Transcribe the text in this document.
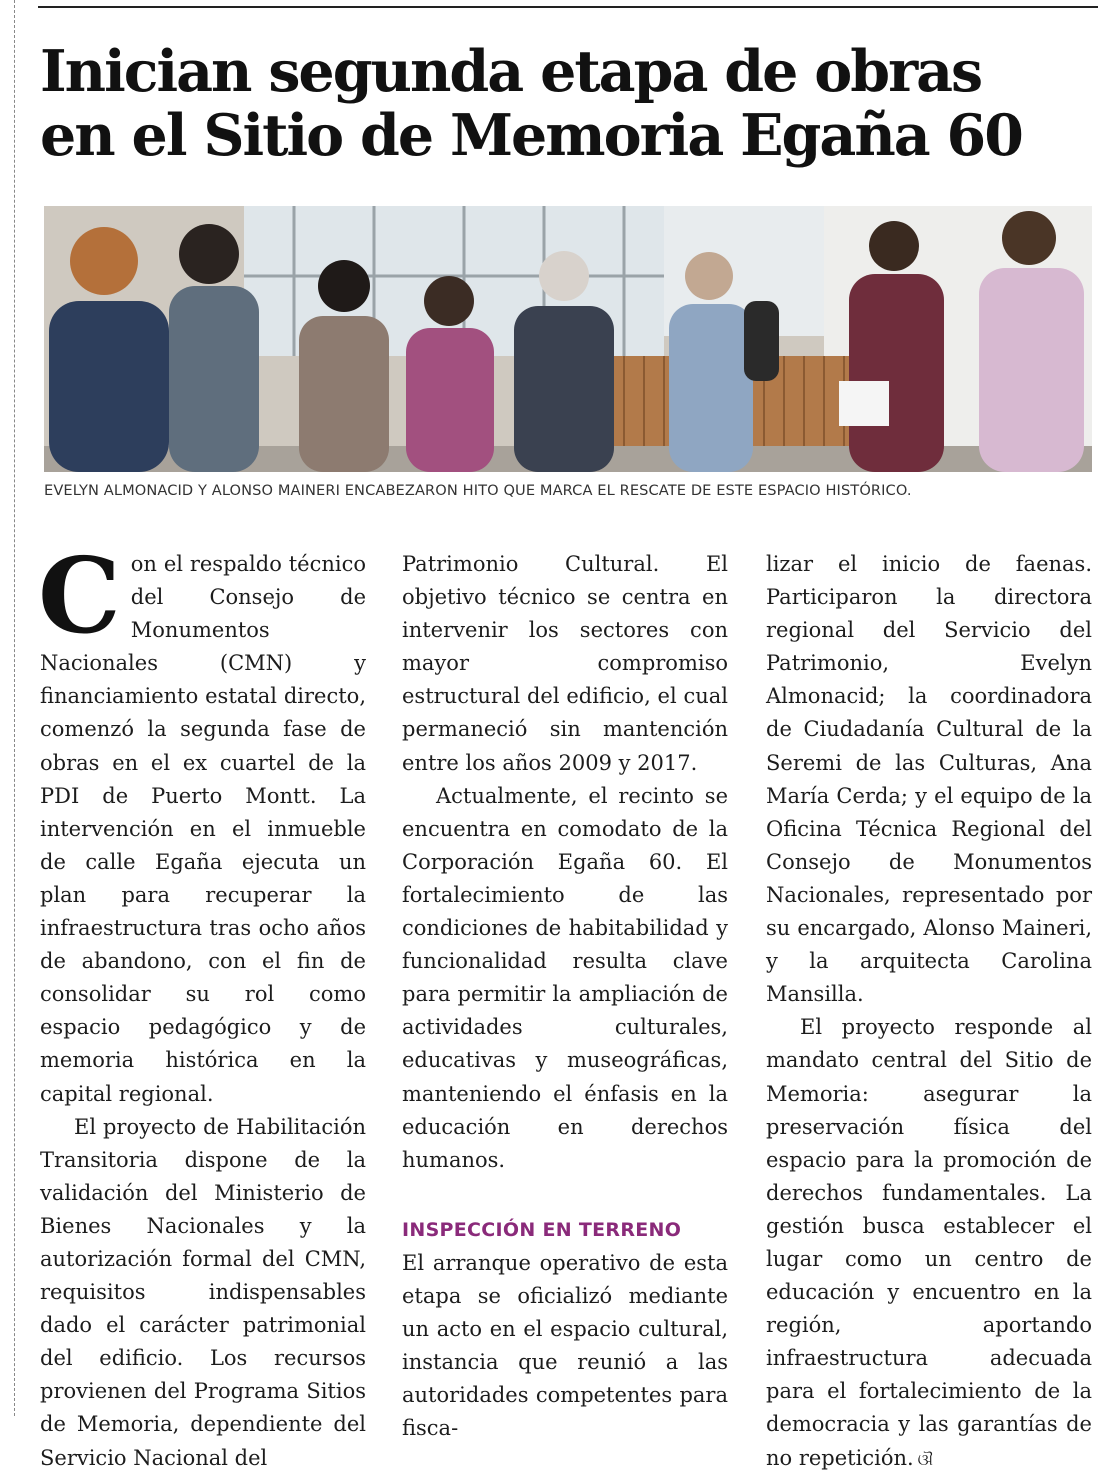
Inician segunda etapa de obras
en el Sitio de Memoria Egaña 60
EVELYN ALMONACID Y ALONSO MAINERI ENCABEZARON HITO QUE MARCA EL RESCATE DE ESTE ESPACIO HISTÓRICO.
C on el respaldo técnico del Consejo de Monumentos Nacionales (CMN) y financiamiento estatal directo, comenzó la segunda fase de obras en el ex cuartel de la PDI de Puerto Montt. La intervención en el inmueble de calle Egaña ejecuta un plan para recuperar la infraestructura tras ocho años de abandono, con el fin de consolidar su rol como espacio pedagógico y de memoria histórica en la capital regional.

El proyecto de Habilitación Transitoria dispone de la validación del Ministerio de Bienes Nacionales y la autorización formal del CMN, requisitos indispensables dado el carácter patrimonial del edificio. Los recursos provienen del Programa Sitios de Memoria, dependiente del Servicio Nacional del

Patrimonio Cultural. El objetivo técnico se centra en intervenir los sectores con mayor compromiso estructural del edificio, el cual permaneció sin mantención entre los años 2009 y 2017.

Actualmente, el recinto se encuentra en comodato de la Corporación Egaña 60. El fortalecimiento de las condiciones de habitabilidad y funcionalidad resulta clave para permitir la ampliación de actividades culturales, educativas y museográficas, manteniendo el énfasis en la educación en derechos humanos.

INSPECCIÓN EN TERRENO

El arranque operativo de esta etapa se oficializó mediante un acto en el espacio cultural, instancia que reunió a las autoridades competentes para fisca-

lizar el inicio de faenas. Participaron la directora regional del Servicio del Patrimonio, Evelyn Almonacid; la coordinadora de Ciudadanía Cultural de la Seremi de las Culturas, Ana María Cerda; y el equipo de la Oficina Técnica Regional del Consejo de Monumentos Nacionales, representado por su encargado, Alonso Maineri, y la arquitecta Carolina Mansilla.

El proyecto responde al mandato central del Sitio de Memoria: asegurar la preservación física del espacio para la promoción de derechos fundamentales. La gestión busca establecer el lugar como un centro de educación y encuentro en la región, aportando infraestructura adecuada para el fortalecimiento de la democracia y las garantías de no repetición. ଔ
